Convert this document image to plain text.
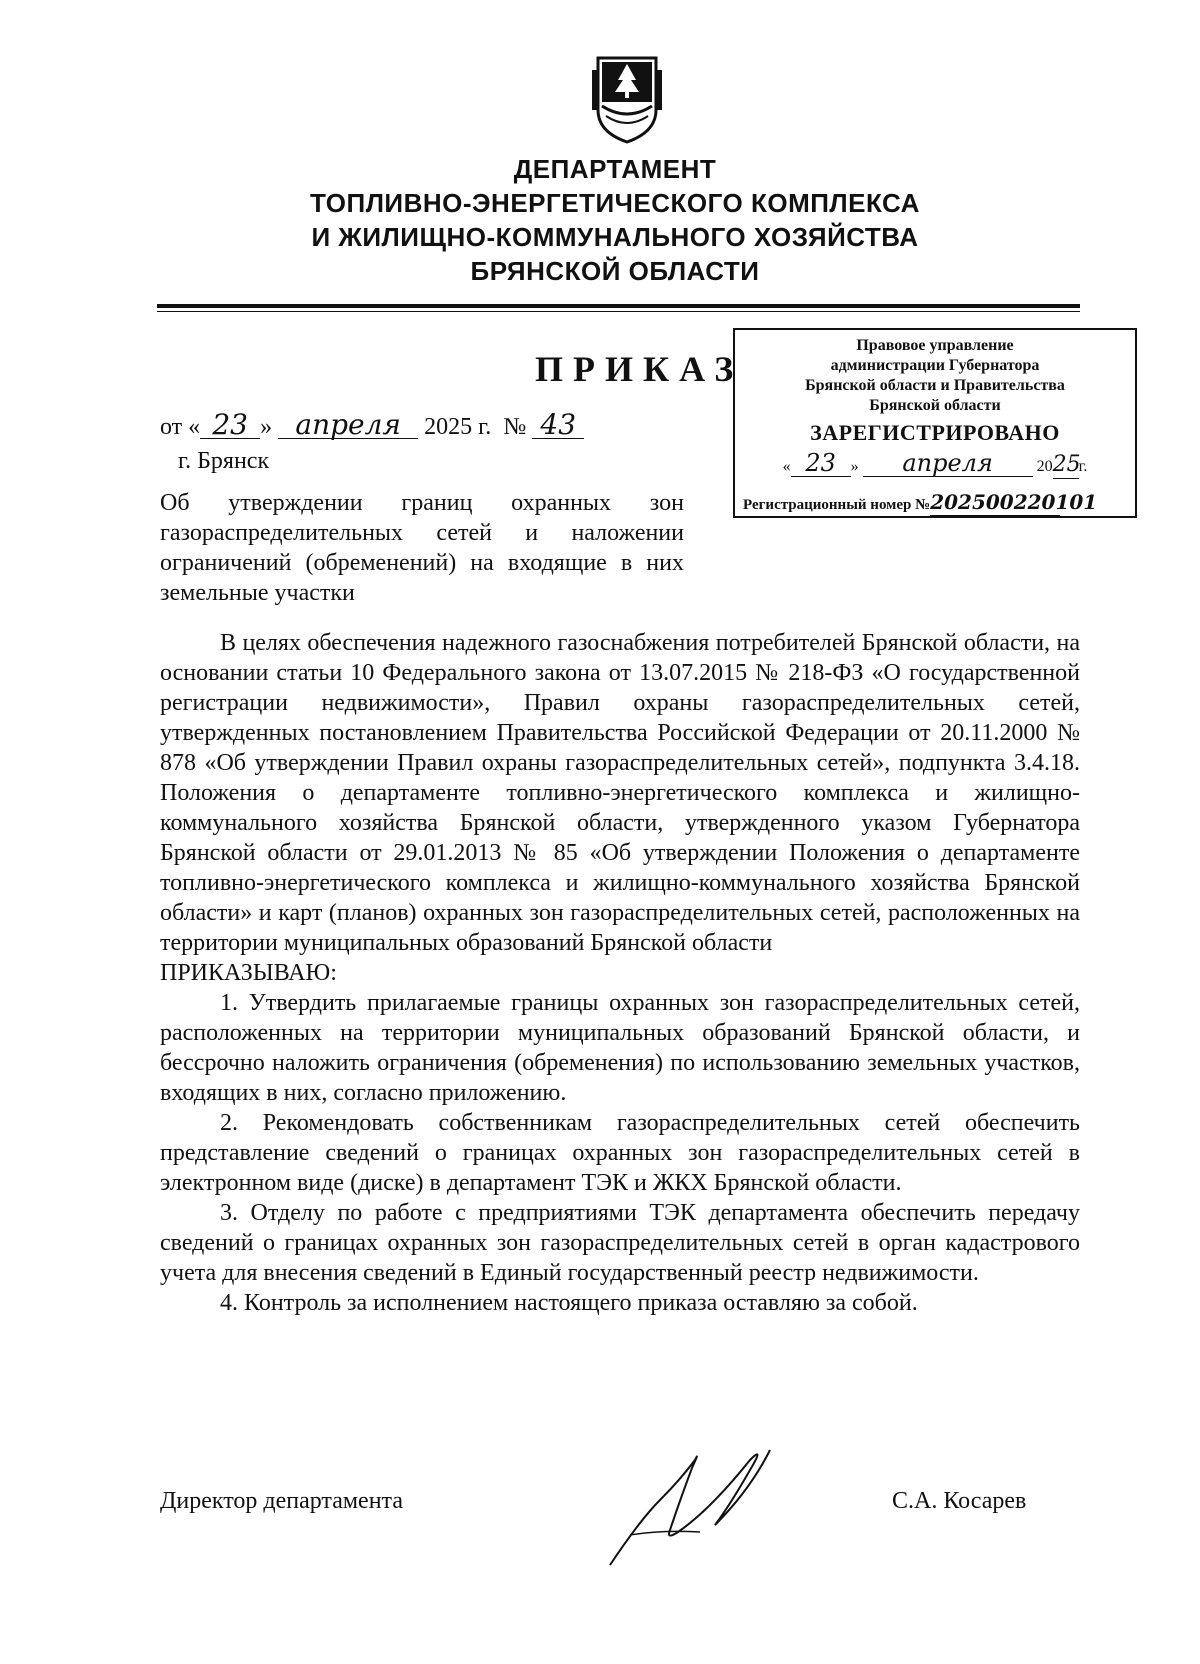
ДЕПАРТАМЕНТ
ТОПЛИВНО-ЭНЕРГЕТИЧЕСКОГО КОМПЛЕКСА
И ЖИЛИЩНО-КОММУНАЛЬНОГО ХОЗЯЙСТВА
БРЯНСКОЙ ОБЛАСТИ
ПРИКАЗ
от « 23 » апреля 2025 г. № 43
г. Брянск
Об утверждении границ охранных зон газораспределительных сетей и наложении ограничений (обременений) на входящие в них земельные участки
Правовое управление
администрации Губернатора
Брянской области и Правительства
Брянской области
ЗАРЕГИСТРИРОВАНО
« 23 » апреля	2025г.
Регистрационный номер №202500220101

В целях обеспечения надежного газоснабжения потребителей Брянской области, на основании статьи 10 Федерального закона от 13.07.2015 № 218-ФЗ «О государственной регистрации недвижимости», Правил охраны газораспределительных сетей, утвержденных постановлением Правительства Российской Федерации от 20.11.2000 № 878 «Об утверждении Правил охраны газораспределительных сетей», подпункта 3.4.18. Положения о департаменте топливно-энергетического комплекса и жилищно-коммунального хозяйства Брянской области, утвержденного указом Губернатора Брянской области от 29.01.2013 № 85 «Об утверждении Положения о департаменте топливно-энергетического комплекса и жилищно-коммунального хозяйства Брянской области» и карт (планов) охранных зон газораспределительных сетей, расположенных на территории муниципальных образований Брянской области

ПРИКАЗЫВАЮ:

1. Утвердить прилагаемые границы охранных зон газораспределительных сетей, расположенных на территории муниципальных образований Брянской области, и бессрочно наложить ограничения (обременения) по использованию земельных участков, входящих в них, согласно приложению.

2. Рекомендовать собственникам газораспределительных сетей обеспечить представление сведений о границах охранных зон газораспределительных сетей в электронном виде (диске) в департамент ТЭК и ЖКХ Брянской области.

3. Отделу по работе с предприятиями ТЭК департамента обеспечить передачу сведений о границах охранных зон газораспределительных сетей в орган кадастрового учета для внесения сведений в Единый государственный реестр недвижимости.

4. Контроль за исполнением настоящего приказа оставляю за собой.

Директор департамента	С.А. Косарев
